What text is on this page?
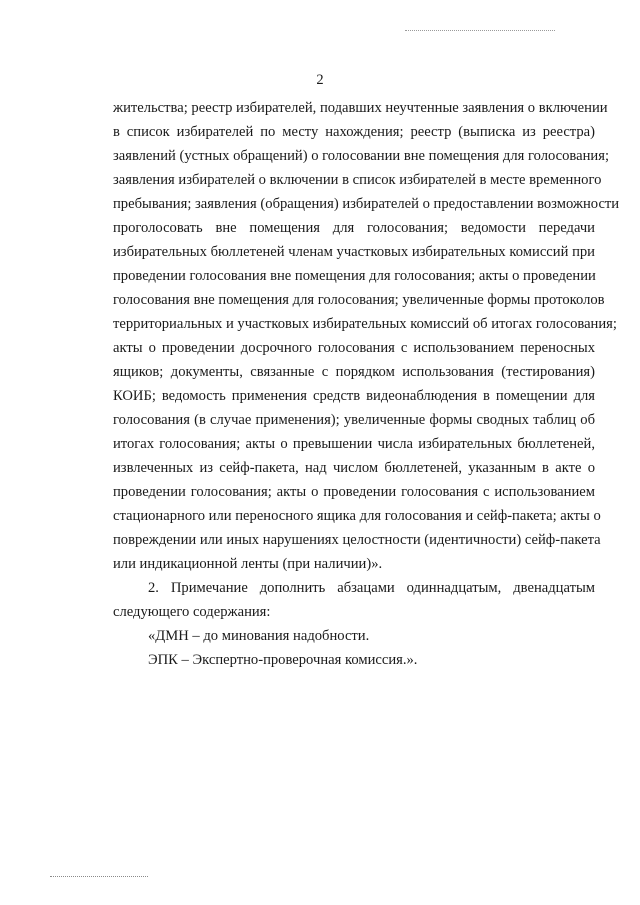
2
жительства; реестр избирателей, подавших неучтенные заявления о включении
в список избирателей по месту нахождения; реестр (выписка из реестра)
заявлений (устных обращений) о голосовании вне помещения для голосования;
заявления избирателей о включении в список избирателей в месте временного
пребывания; заявления (обращения) избирателей о предоставлении возможности
проголосовать вне помещения для голосования; ведомости передачи
избирательных бюллетеней членам участковых избирательных комиссий при
проведении голосования вне помещения для голосования; акты о проведении
голосования вне помещения для голосования; увеличенные формы протоколов
территориальных и участковых избирательных комиссий об итогах голосования;
акты о проведении досрочного голосования с использованием переносных
ящиков; документы, связанные с порядком использования (тестирования)
КОИБ; ведомость применения средств видеонаблюдения в помещении для
голосования (в случае применения); увеличенные формы сводных таблиц об
итогах голосования; акты о превышении числа избирательных бюллетеней,
извлеченных из сейф-пакета, над числом бюллетеней, указанным в акте о
проведении голосования; акты о проведении голосования с использованием
стационарного или переносного ящика для голосования и сейф-пакета; акты о
повреждении или иных нарушениях целостности (идентичности) сейф-пакета
или индикационной ленты (при наличии)».
2. Примечание дополнить абзацами одиннадцатым, двенадцатым
следующего содержания:
«ДМН – до минования надобности.
ЭПК – Экспертно-проверочная комиссия.».
